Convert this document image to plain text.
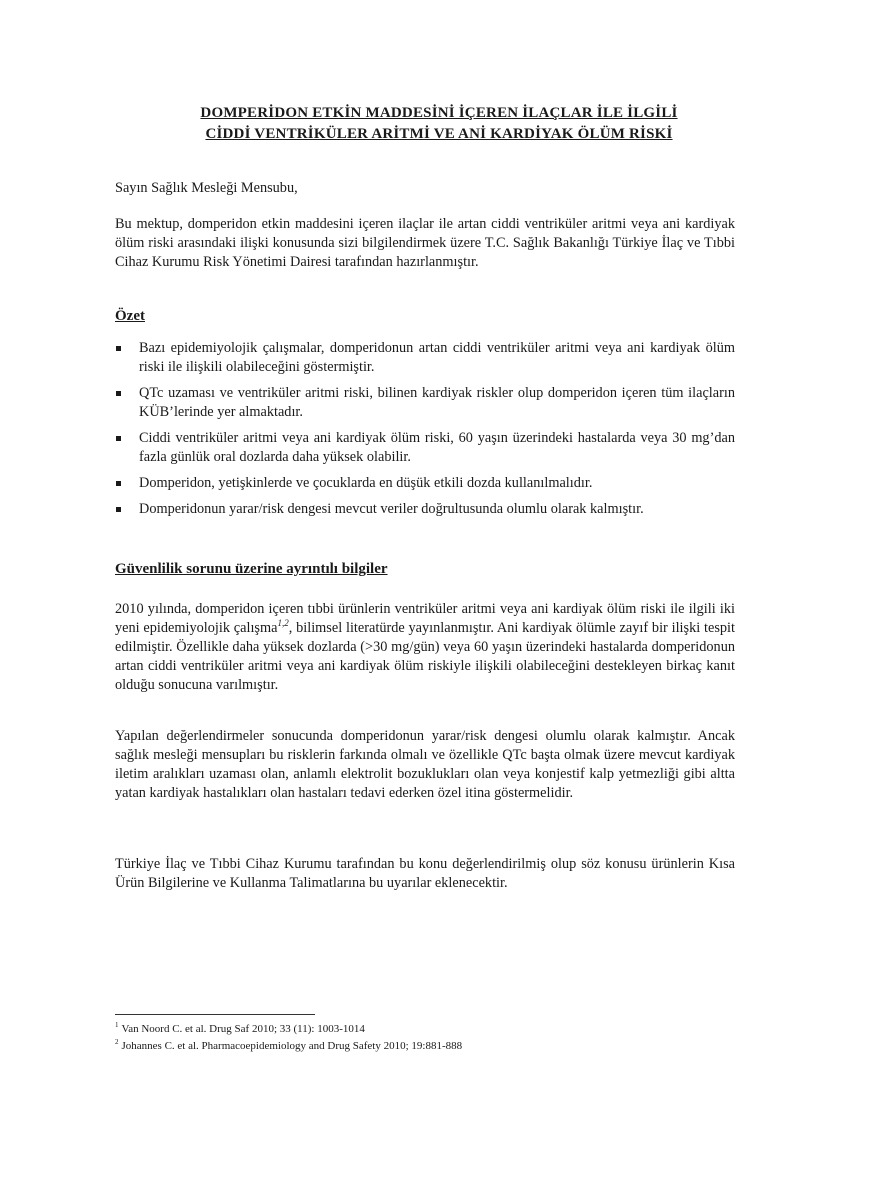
DOMPERİDON ETKİN MADDESİNİ İÇEREN İLAÇLAR İLE İLGİLİ
CİDDİ VENTRİKÜLER ARİTMİ VE ANİ KARDİYAK ÖLÜM RİSKİ
Sayın Sağlık Mesleği Mensubu,
Bu mektup, domperidon etkin maddesini içeren ilaçlar ile artan ciddi ventriküler aritmi veya ani kardiyak ölüm riski arasındaki ilişki konusunda sizi bilgilendirmek üzere T.C. Sağlık Bakanlığı Türkiye İlaç ve Tıbbi Cihaz Kurumu Risk Yönetimi Dairesi tarafından hazırlanmıştır.
Özet
Bazı epidemiyolojik çalışmalar, domperidonun artan ciddi ventriküler aritmi veya ani kardiyak ölüm riski ile ilişkili olabileceğini göstermiştir.
QTc uzaması ve ventriküler aritmi riski, bilinen kardiyak riskler olup domperidon içeren tüm ilaçların KÜB’lerinde yer almaktadır.
Ciddi ventriküler aritmi veya ani kardiyak ölüm riski, 60 yaşın üzerindeki hastalarda veya 30 mg’dan fazla günlük oral dozlarda daha yüksek olabilir.
Domperidon, yetişkinlerde ve çocuklarda en düşük etkili dozda kullanılmalıdır.
Domperidonun yarar/risk dengesi mevcut veriler doğrultusunda olumlu olarak kalmıştır.
Güvenlilik sorunu üzerine ayrıntılı bilgiler
2010 yılında, domperidon içeren tıbbi ürünlerin ventriküler aritmi veya ani kardiyak ölüm riski ile ilgili iki yeni epidemiyolojik çalışma$^{1,2}$, bilimsel literatürde yayınlanmıştır. Ani kardiyak ölümle zayıf bir ilişki tespit edilmiştir. Özellikle daha yüksek dozlarda (>30 mg/gün) veya 60 yaşın üzerindeki hastalarda domperidonun artan ciddi ventriküler aritmi veya ani kardiyak ölüm riskiyle ilişkili olabileceğini destekleyen birkaç kanıt olduğu sonucuna varılmıştır.
Yapılan değerlendirmeler sonucunda domperidonun yarar/risk dengesi olumlu olarak kalmıştır. Ancak sağlık mesleği mensupları bu risklerin farkında olmalı ve özellikle QTc başta olmak üzere mevcut kardiyak iletim aralıkları uzaması olan, anlamlı elektrolit bozuklukları olan veya konjestif kalp yetmezliği gibi altta yatan kardiyak hastalıkları olan hastaları tedavi ederken özel itina göstermelidir.
Türkiye İlaç ve Tıbbi Cihaz Kurumu tarafından bu konu değerlendirilmiş olup söz konusu ürünlerin Kısa Ürün Bilgilerine ve Kullanma Talimatlarına bu uyarılar eklenecektir.
$^1$ Van Noord C. et al. Drug Saf 2010; 33 (11): 1003-1014
$^2$ Johannes C. et al. Pharmacoepidemiology and Drug Safety 2010; 19:881-888
